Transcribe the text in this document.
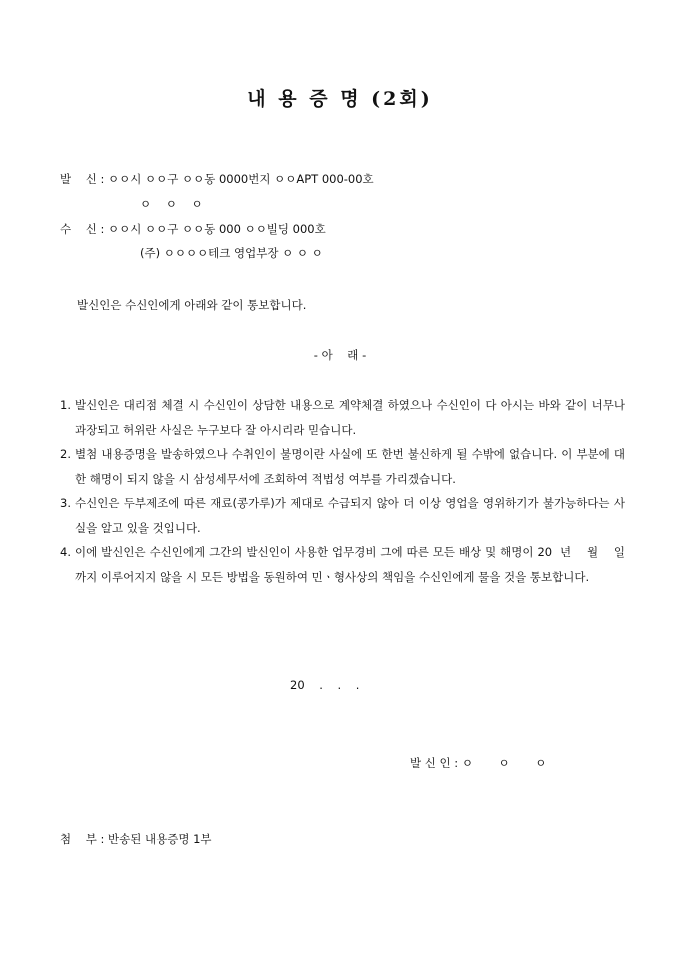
내 용 증 명 (2회)
발    신 : ㅇㅇ시 ㅇㅇ구 ㅇㅇ동 0000번지 ㅇㅇAPT 000-00호
ㅇ    ㅇ    ㅇ
수    신 : ㅇㅇ시 ㅇㅇ구 ㅇㅇ동 000 ㅇㅇ빌딩 000호
(주) ㅇㅇㅇㅇ테크 영업부장 ㅇ ㅇ ㅇ
발신인은 수신인에게 아래와 같이 통보합니다.
- 아    래 -
1. 발신인은 대리점 체결 시 수신인이 상담한 내용으로 계약체결 하였으나 수신인이 다 아시는 바와 같이 너무나 과장되고 허위란 사실은 누구보다 잘 아시리라 믿습니다.
2. 별첨 내용증명을 발송하였으나 수취인이 불명이란 사실에 또 한번 불신하게 될 수밖에 없습니다. 이 부분에 대한 해명이 되지 않을 시 삼성세무서에 조회하여 적법성 여부를 가리겠습니다.
3. 수신인은 두부제조에 따른 재료(콩가루)가 제대로 수급되지 않아 더 이상 영업을 영위하기가 불가능하다는 사실을 알고 있을 것입니다.
4. 이에 발신인은 수신인에게 그간의 발신인이 사용한 업무경비 그에 따른 모든 배상 및 해명이 20  년    월    일까지 이루어지지 않을 시 모든 방법을 동원하여 민ㆍ형사상의 책임을 수신인에게 물을 것을 통보합니다.
20    .    .    .
발 신 인 : ㅇ       ㅇ       ㅇ
첨    부 : 반송된 내용증명 1부
